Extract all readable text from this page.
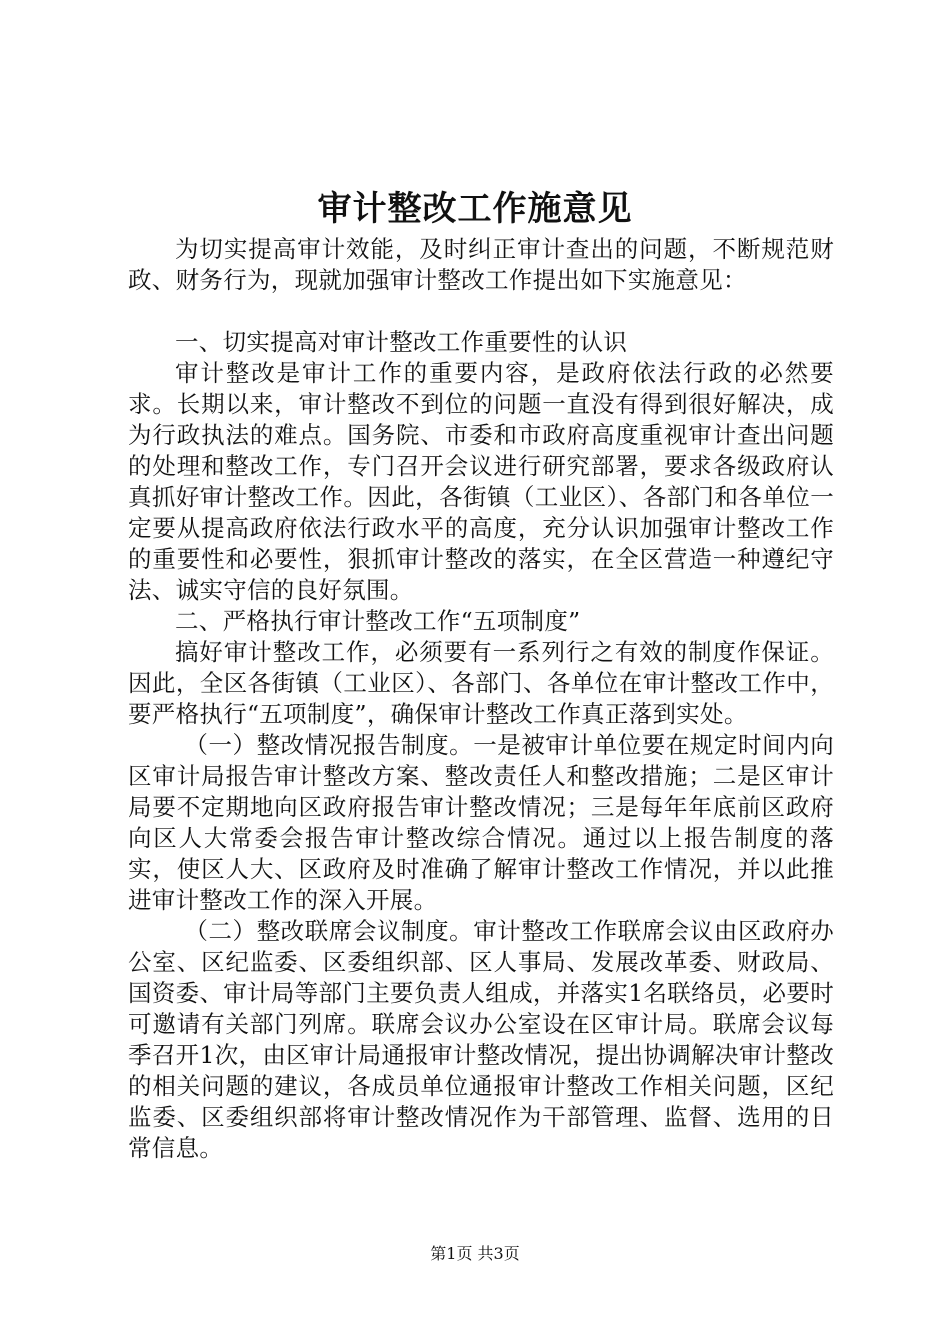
审计整改工作施意见

为切实提高审计效能，及时纠正审计查出的问题，不断规范财政、财务行为，现就加强审计整改工作提出如下实施意见：

一、切实提高对审计整改工作重要性的认识

审计整改是审计工作的重要内容，是政府依法行政的必然要求。长期以来，审计整改不到位的问题一直没有得到很好解决，成为行政执法的难点。国务院、市委和市政府高度重视审计查出问题的处理和整改工作，专门召开会议进行研究部署，要求各级政府认真抓好审计整改工作。因此，各街镇（工业区）、各部门和各单位一定要从提高政府依法行政水平的高度，充分认识加强审计整改工作的重要性和必要性，狠抓审计整改的落实，在全区营造一种遵纪守法、诚实守信的良好氛围。

二、严格执行审计整改工作“五项制度”

搞好审计整改工作，必须要有一系列行之有效的制度作保证。因此，全区各街镇（工业区）、各部门、各单位在审计整改工作中，要严格执行“五项制度”，确保审计整改工作真正落到实处。

（一）整改情况报告制度。一是被审计单位要在规定时间内向区审计局报告审计整改方案、整改责任人和整改措施；二是区审计局要不定期地向区政府报告审计整改情况；三是每年年底前区政府向区人大常委会报告审计整改综合情况。通过以上报告制度的落实，使区人大、区政府及时准确了解审计整改工作情况，并以此推进审计整改工作的深入开展。

（二）整改联席会议制度。审计整改工作联席会议由区政府办公室、区纪监委、区委组织部、区人事局、发展改革委、财政局、国资委、审计局等部门主要负责人组成，并落实1名联络员，必要时可邀请有关部门列席。联席会议办公室设在区审计局。联席会议每季召开1次，由区审计局通报审计整改情况，提出协调解决审计整改的相关问题的建议，各成员单位通报审计整改工作相关问题，区纪监委、区委组织部将审计整改情况作为干部管理、监督、选用的日常信息。

第1页 共3页
